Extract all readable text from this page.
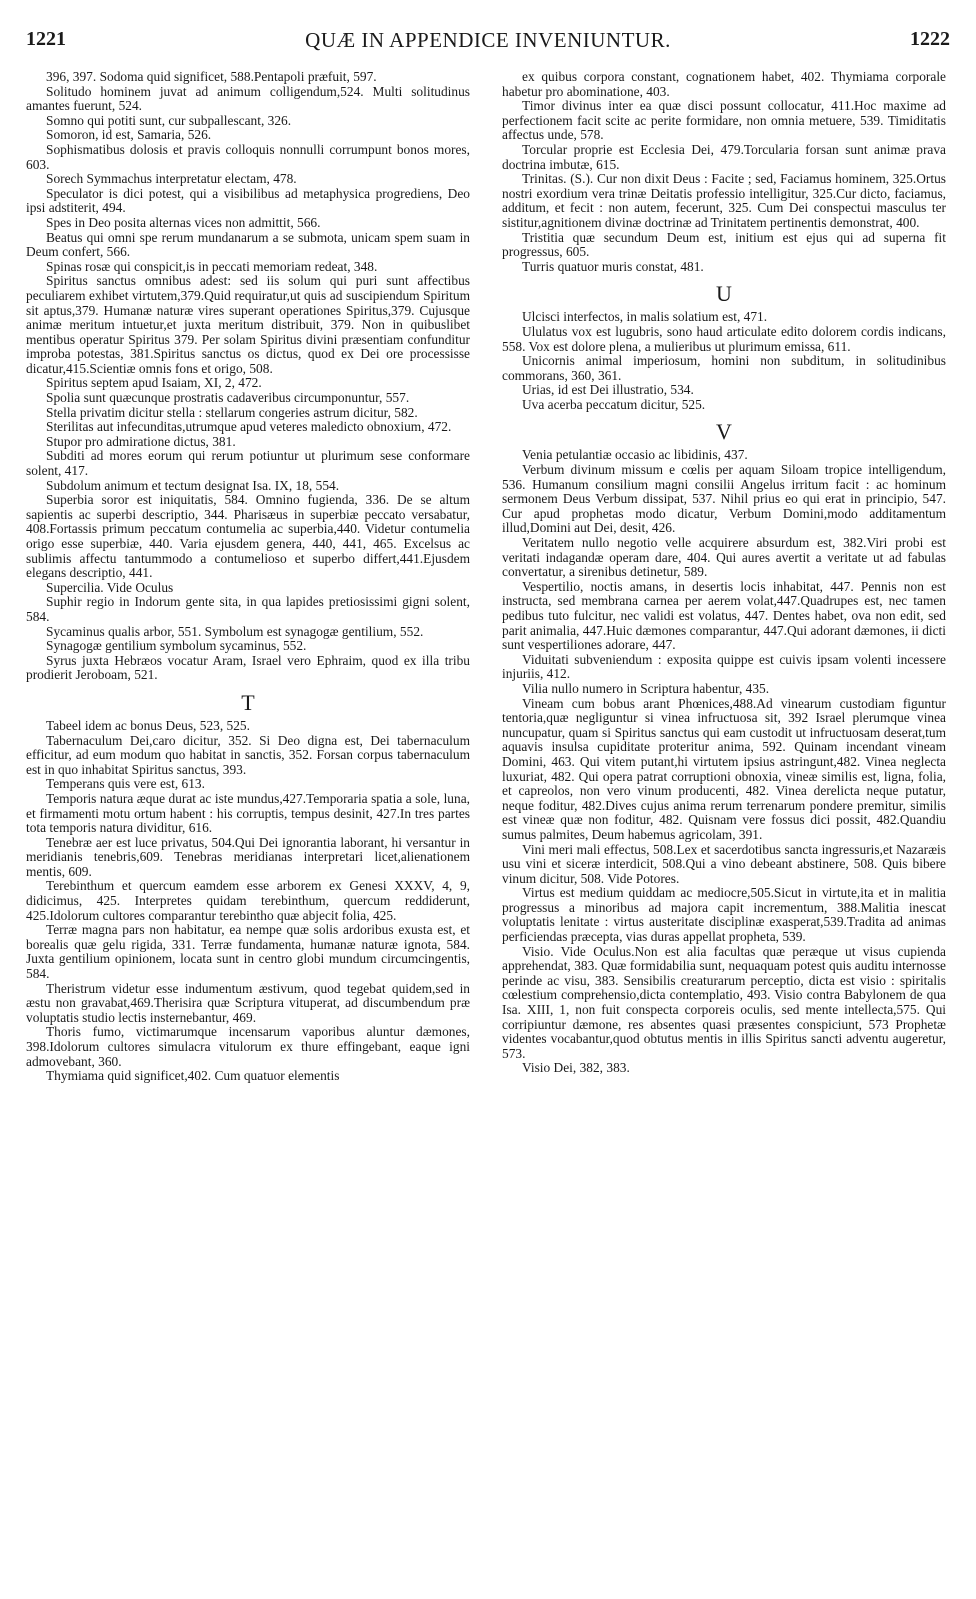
1221	QUÆ IN APPENDICE INVENIUNTUR.	1222

396, 397. Sodoma quid significet, 588.Pentapoli præfuit, 597.

Solitudo hominem juvat ad animum colligendum,524. Multi solitudinus amantes fuerunt, 524.

Somno qui potiti sunt, cur subpallescant, 326.

Somoron, id est, Samaria, 526.

Sophismatibus dolosis et pravis colloquis nonnulli corrumpunt bonos mores, 603.

Sorech Symmachus interpretatur electam, 478.

Speculator is dici potest, qui a visibilibus ad metaphysica progrediens, Deo ipsi adstiterit, 494.

Spes in Deo posita alternas vices non admittit, 566.

Beatus qui omni spe rerum mundanarum a se submota, unicam spem suam in Deum confert, 566.

Spinas rosæ qui conspicit,is in peccati memoriam redeat, 348.

Spiritus sanctus omnibus adest: sed iis solum qui puri sunt affectibus peculiarem exhibet virtutem,379.Quid requiratur,ut quis ad suscipiendum Spiritum sit aptus,379. Humanæ naturæ vires superant operationes Spiritus,379. Cujusque animæ meritum intuetur,et juxta meritum distribuit, 379. Non in quibuslibet mentibus operatur Spiritus 379. Per solam Spiritus divini præsentiam confunditur improba potestas, 381.Spiritus sanctus os dictus, quod ex Dei ore processisse dicatur,415.Scientiæ omnis fons et origo, 508.

Spiritus septem apud Isaiam, XI, 2, 472.

Spolia sunt quæcunque prostratis cadaveribus circumponuntur, 557.

Stella privatim dicitur stella : stellarum congeries astrum dicitur, 582.

Sterilitas aut infecunditas,utrumque apud veteres maledicto obnoxium, 472.

Stupor pro admiratione dictus, 381.

Subditi ad mores eorum qui rerum potiuntur ut plurimum sese conformare solent, 417.

Subdolum animum et tectum designat Isa. IX, 18, 554.

Superbia soror est iniquitatis, 584. Omnino fugienda, 336. De se altum sapientis ac superbi descriptio, 344. Pharisæus in superbiæ peccato versabatur, 408.Fortassis primum peccatum contumelia ac superbia,440. Videtur contumelia origo esse superbiæ, 440. Varia ejusdem genera, 440, 441, 465. Excelsus ac sublimis affectu tantummodo a contumelioso et superbo differt,441.Ejusdem elegans descriptio, 441.

Supercilia. Vide Oculus

Suphir regio in Indorum gente sita, in qua lapides pretiosissimi gigni solent, 584.

Sycaminus qualis arbor, 551. Symbolum est synagogæ gentilium, 552.

Synagogæ gentilium symbolum sycaminus, 552.

Syrus juxta Hebræos vocatur Aram, Israel vero Ephraim, quod ex illa tribu prodierit Jeroboam, 521.

T

Tabeel idem ac bonus Deus, 523, 525.

Tabernaculum Dei,caro dicitur, 352. Si Deo digna est, Dei tabernaculum efficitur, ad eum modum quo habitat in sanctis, 352. Forsan corpus tabernaculum est in quo inhabitat Spiritus sanctus, 393.

Temperans quis vere est, 613.

Temporis natura æque durat ac iste mundus,427.Temporaria spatia a sole, luna, et firmamenti motu ortum habent : his corruptis, tempus desinit, 427.In tres partes tota temporis natura dividitur, 616.

Tenebræ aer est luce privatus, 504.Qui Dei ignorantia laborant, hi versantur in meridianis tenebris,609. Tenebras meridianas interpretari licet,alienationem mentis, 609.

Terebinthum et quercum eamdem esse arborem ex Genesi XXXV, 4, 9, didicimus, 425. Interpretes quidam terebinthum, quercum reddiderunt, 425.Idolorum cultores comparantur terebintho quæ abjecit folia, 425.

Terræ magna pars non habitatur, ea nempe quæ solis ardoribus exusta est, et borealis quæ gelu rigida, 331. Terræ fundamenta, humanæ naturæ ignota, 584. Juxta gentilium opinionem, locata sunt in centro globi mundum circumcingentis, 584.

Theristrum videtur esse indumentum æstivum, quod tegebat quidem,sed in æstu non gravabat,469.Therisira quæ Scriptura vituperat, ad discumbendum præ voluptatis studio lectis insternebantur, 469.

Thoris fumo, victimarumque incensarum vaporibus aluntur dæmones, 398.Idolorum cultores simulacra vitulorum ex thure effingebant, eaque igni admovebant, 360.

Thymiama quid significet,402. Cum quatuor elementis

ex quibus corpora constant, cognationem habet, 402. Thymiama corporale habetur pro abominatione, 403.

Timor divinus inter ea quæ disci possunt collocatur, 411.Hoc maxime ad perfectionem facit scite ac perite formidare, non omnia metuere, 539. Timiditatis affectus unde, 578.

Torcular proprie est Ecclesia Dei, 479.Torcularia forsan sunt animæ prava doctrina imbutæ, 615.

Trinitas. (S.). Cur non dixit Deus : Facite ; sed, Faciamus hominem, 325.Ortus nostri exordium vera trinæ Deitatis professio intelligitur, 325.Cur dicto, faciamus, additum, et fecit : non autem, fecerunt, 325. Cum Dei conspectui masculus ter sistitur,agnitionem divinæ doctrinæ ad Trinitatem pertinentis demonstrat, 400.

Tristitia quæ secundum Deum est, initium est ejus qui ad superna fit progressus, 605.

Turris quatuor muris constat, 481.

U

Ulcisci interfectos, in malis solatium est, 471.

Ululatus vox est lugubris, sono haud articulate edito dolorem cordis indicans, 558. Vox est dolore plena, a mulieribus ut plurimum emissa, 611.

Unicornis animal imperiosum, homini non subditum, in solitudinibus commorans, 360, 361.

Urias, id est Dei illustratio, 534.

Uva acerba peccatum dicitur, 525.

V

Venia petulantiæ occasio ac libidinis, 437.

Verbum divinum missum e cœlis per aquam Siloam tropice intelligendum, 536. Humanum consilium magni consilii Angelus irritum facit : ac hominum sermonem Deus Verbum dissipat, 537. Nihil prius eo qui erat in principio, 547. Cur apud prophetas modo dicatur, Verbum Domini,modo additamentum illud,Domini aut Dei, desit, 426.

Veritatem nullo negotio velle acquirere absurdum est, 382.Viri probi est veritati indagandæ operam dare, 404. Qui aures avertit a veritate ut ad fabulas convertatur, a sirenibus detinetur, 589.

Vespertilio, noctis amans, in desertis locis inhabitat, 447. Pennis non est instructa, sed membrana carnea per aerem volat,447.Quadrupes est, nec tamen pedibus tuto fulcitur, nec validi est volatus, 447. Dentes habet, ova non edit, sed parit animalia, 447.Huic dæmones comparantur, 447.Qui adorant dæmones, ii dicti sunt vespertiliones adorare, 447.

Viduitati subveniendum : exposita quippe est cuivis ipsam volenti incessere injuriis, 412.

Vilia nullo numero in Scriptura habentur, 435.

Vineam cum bobus arant Phœnices,488.Ad vinearum custodiam figuntur tentoria,quæ negliguntur si vinea infructuosa sit, 392 Israel plerumque vinea nuncupatur, quam si Spiritus sanctus qui eam custodit ut infructuosam deserat,tum aquavis insulsa cupiditate proteritur anima, 592. Quinam incendant vineam Domini, 463. Qui vitem putant,hi virtutem ipsius astringunt,482. Vinea neglecta luxuriat, 482. Qui opera patrat corruptioni obnoxia, vineæ similis est, ligna, folia, et capreolos, non vero vinum producenti, 482. Vinea derelicta neque putatur, neque foditur, 482.Dives cujus anima rerum terrenarum pondere premitur, similis est vineæ quæ non foditur, 482. Quisnam vere fossus dici possit, 482.Quandiu sumus palmites, Deum habemus agricolam, 391.

Vini meri mali effectus, 508.Lex et sacerdotibus sancta ingressuris,et Nazaræis usu vini et siceræ interdicit, 508.Qui a vino debeant abstinere, 508. Quis bibere vinum dicitur, 508. Vide Potores.

Virtus est medium quiddam ac mediocre,505.Sicut in virtute,ita et in malitia progressus a minoribus ad majora capit incrementum, 388.Malitia inescat voluptatis lenitate : virtus austeritate disciplinæ exasperat,539.Tradita ad animas perficiendas præcepta, vias duras appellat propheta, 539.

Visio. Vide Oculus.Non est alia facultas quæ peræque ut visus cupienda apprehendat, 383. Quæ formidabilia sunt, nequaquam potest quis auditu internosse perinde ac visu, 383. Sensibilis creaturarum perceptio, dicta est visio : spiritalis cœlestium comprehensio,dicta contemplatio, 493. Visio contra Babylonem de qua Isa. XIII, 1, non fuit conspecta corporeis oculis, sed mente intellecta,575. Qui corripiuntur dæmone, res absentes quasi præsentes conspiciunt, 573 Prophetæ videntes vocabantur,quod obtutus mentis in illis Spiritus sancti adventu augeretur, 573.

Visio Dei, 382, 383.
